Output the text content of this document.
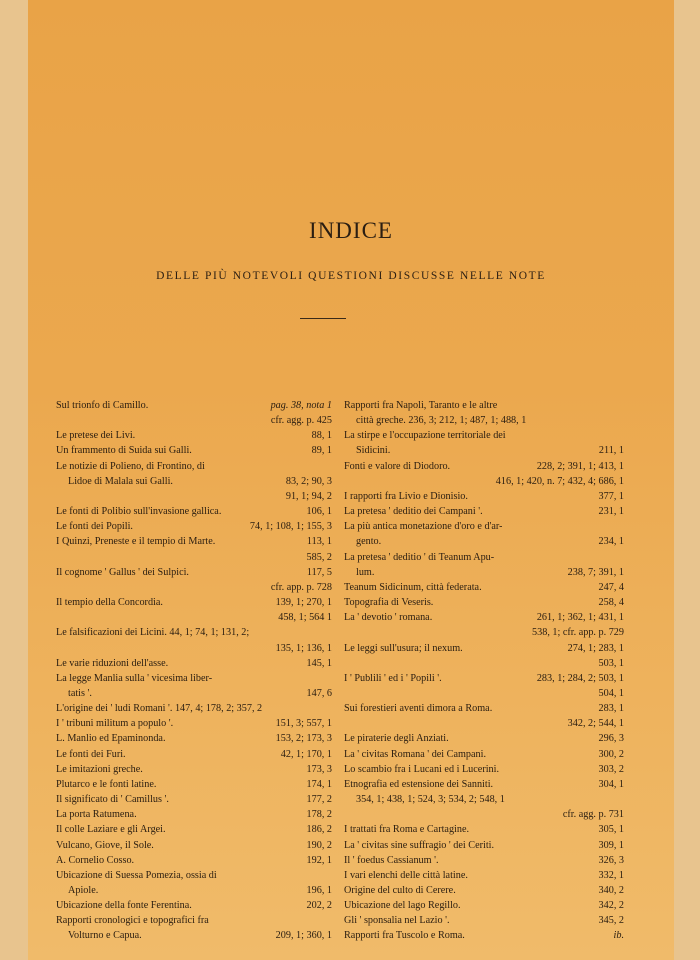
INDICE
DELLE PIÙ NOTEVOLI QUESTIONI DISCUSSE NELLE NOTE
Sul trionfo di Camillo.	pag. 38, nota 1
cfr. agg. p. 425
Le pretese dei Livi.	88, 1
Un frammento di Suida sui Galli.	89, 1
Le notizie di Polieno, di Frontino, di
Lidoe di Malala sui Galli.	83, 2; 90, 3
91, 1; 94, 2
Le fonti di Polibio sull'invasione gallica.	106, 1
Le fonti dei Popili.	74, 1; 108, 1; 155, 3
I Quinzi, Preneste e il tempio di Marte.	113, 1
585, 2
Il cognome ' Gallus ' dei Sulpici.	117, 5
cfr. app. p. 728
Il tempio della Concordia.	139, 1; 270, 1
458, 1; 564 1
Le falsificazioni dei Licini. 44, 1; 74, 1; 131, 2;
135, 1; 136, 1
Le varie riduzioni dell'asse.	145, 1
La legge Manlia sulla ' vicesima liber-
tatis '.	147, 6
L'origine dei ' ludi Romani '. 147, 4; 178, 2; 357, 2
I ' tribuni militum a populo '.	151, 3; 557, 1
L. Manlio ed Epaminonda.	153, 2; 173, 3
Le fonti dei Furi.	42, 1; 170, 1
Le imitazioni greche.	173, 3
Plutarco e le fonti latine.	174, 1
Il significato di ' Camillus '.	177, 2
La porta Ratumena.	178, 2
Il colle Laziare e gli Argei.	186, 2
Vulcano, Giove, il Sole.	190, 2
A. Cornelio Cosso.	192, 1
Ubicazione di Suessa Pomezia, ossia di
Apiole.	196, 1
Ubicazione della fonte Ferentina.	202, 2
Rapporti cronologici e topografici fra
Volturno e Capua.	209, 1; 360, 1
Rapporti fra Napoli, Taranto e le altre
città greche. 236, 3; 212, 1; 487, 1; 488, 1
La stirpe e l'occupazione territoriale dei
Sidicini.	211, 1
Fonti e valore di Diodoro.	228, 2; 391, 1; 413, 1
416, 1; 420, n. 7; 432, 4; 686, 1
I rapporti fra Livio e Dionisio.	377, 1
La pretesa ' deditio dei Campani '.	231, 1
La più antica monetazione d'oro e d'ar-
gento.	234, 1
La pretesa ' deditio ' di Teanum Apu-
lum.	238, 7; 391, 1
Teanum Sidicinum, città federata.	247, 4
Topografia di Veseris.	258, 4
La ' devotio ' romana.	261, 1; 362, 1; 431, 1
538, 1; cfr. app. p. 729
Le leggi sull'usura; il nexum.	274, 1; 283, 1
503, 1
I ' Publili ' ed i ' Popili '.	283, 1; 284, 2; 503, 1
504, 1
Sui forestieri aventi dimora a Roma.	283, 1
342, 2; 544, 1
Le piraterie degli Anziati.	296, 3
La ' civitas Romana ' dei Campani.	300, 2
Lo scambio fra i Lucani ed i Lucerini.	303, 2
Etnografia ed estensione dei Sanniti.	304, 1
354, 1; 438, 1; 524, 3; 534, 2; 548, 1
cfr. agg. p. 731
I trattati fra Roma e Cartagine.	305, 1
La ' civitas sine suffragio ' dei Ceriti.	309, 1
Il ' foedus Cassianum '.	326, 3
I vari elenchi delle città latine.	332, 1
Origine del culto di Cerere.	340, 2
Ubicazione del lago Regillo.	342, 2
Gli ' sponsalia nel Lazio '.	345, 2
Rapporti fra Tuscolo e Roma.	ib.
